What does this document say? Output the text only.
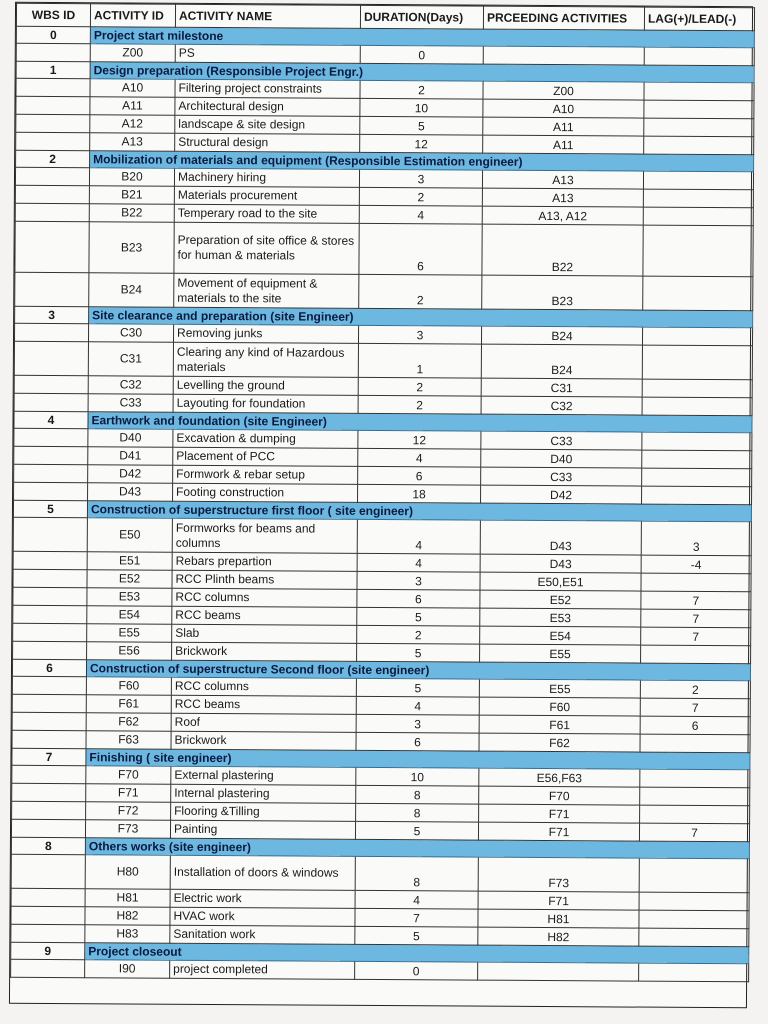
WBS ID	ACTIVITY ID	ACTIVITY NAME	DURATION(Days)	PRCEEDING ACTIVITIES	LAG(+)/LEAD(-)
0	Project start milestone				
	Z00	PS	0		
1	Design preparation (Responsible Project Engr.)				
	A10	Filtering project constraints	2	Z00	
	A11	Architectural design	10	A10	
	A12	landscape & site design	5	A11	
	A13	Structural design	12	A11	
2	Mobilization of materials and equipment (Responsible Estimation engineer)				
	B20	Machinery hiring	3	A13	
	B21	Materials procurement	2	A13	
	B22	Temperary road to the site	4	A13, A12	
	B23	Preparation of site office & stores for human & materials	6	B22	
	B24	Movement of equipment & materials to the site	2	B23	
3	Site clearance and preparation (site Engineer)				
	C30	Removing junks	3	B24	
	C31	Clearing any kind of Hazardous materials	1	B24	
	C32	Levelling the ground	2	C31	
	C33	Layouting for foundation	2	C32	
4	Earthwork and foundation (site Engineer)				
	D40	Excavation & dumping	12	C33	
	D41	Placement of PCC	4	D40	
	D42	Formwork & rebar setup	6	C33	
	D43	Footing construction	18	D42	
5	Construction of superstructure first floor ( site engineer)				
	E50	Formworks for beams and columns	4	D43	3
	E51	Rebars prepartion	4	D43	-4
	E52	RCC Plinth beams	3	E50,E51	
	E53	RCC columns	6	E52	7
	E54	RCC beams	5	E53	7
	E55	Slab	2	E54	7
	E56	Brickwork	5	E55	
6	Construction of superstructure Second floor (site engineer)				
	F60	RCC columns	5	E55	2
	F61	RCC beams	4	F60	7
	F62	Roof	3	F61	6
	F63	Brickwork	6	F62	
7	Finishing ( site engineer)				
	F70	External plastering	10	E56,F63	
	F71	Internal plastering	8	F70	
	F72	Flooring &Tilling	8	F71	
	F73	Painting	5	F71	7
8	Others works (site engineer)				
	H80	Installation of doors & windows	8	F73	
	H81	Electric work	4	F71	
	H82	HVAC work	7	H81	
	H83	Sanitation work	5	H82	
9	Project closeout				
	I90	project completed	0		
